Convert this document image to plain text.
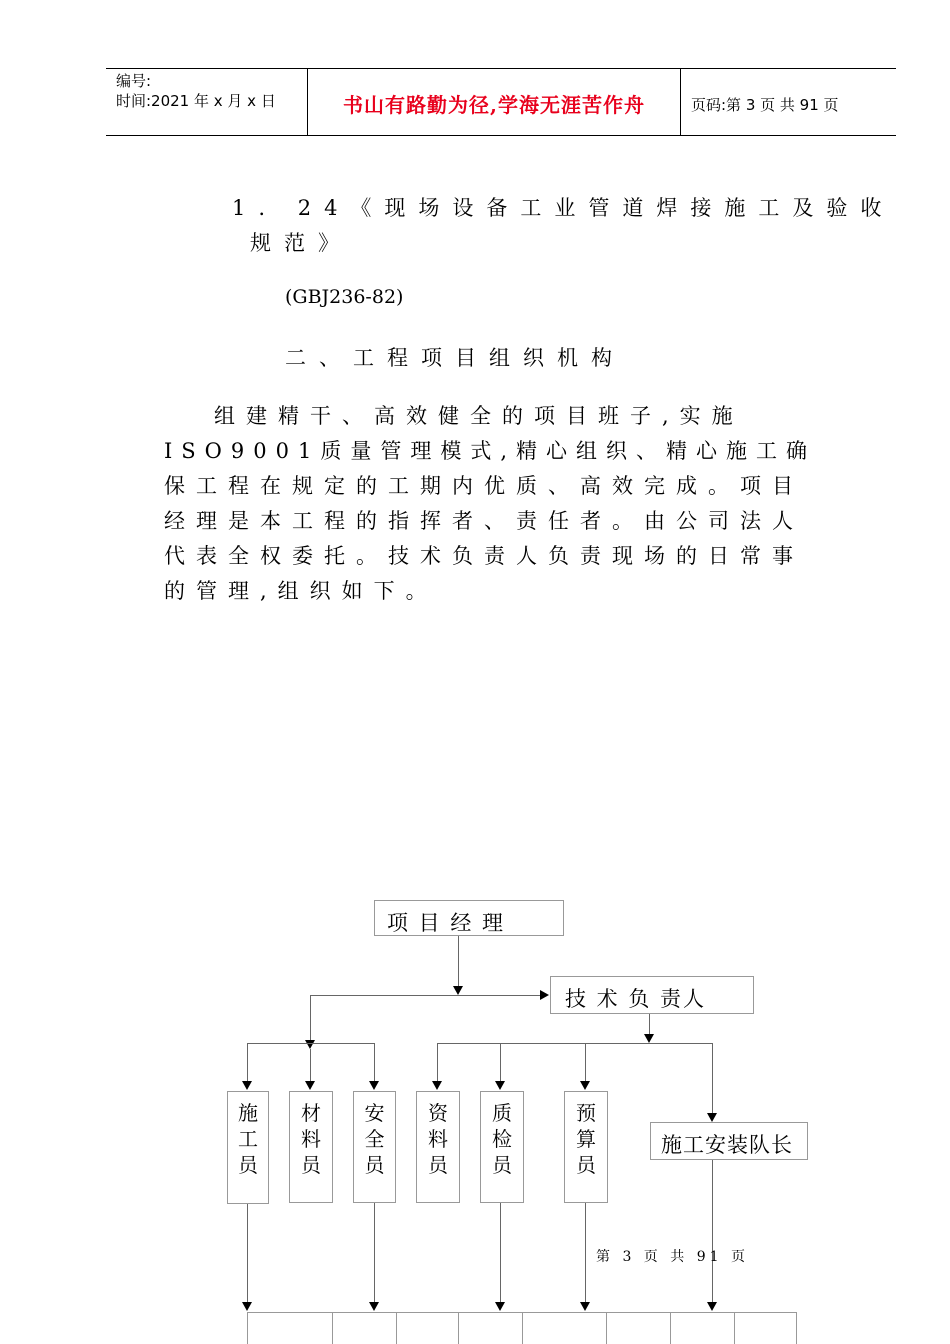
编号:
时间:2021 年 x 月 x 日	书山有路勤为径,学海无涯苦作舟	页码:第 3 页 共 91 页
1. 24《现场设备工业管道焊接施工及验收
规范》
(GBJ236-82)
二、工程项目组织机构
组建精干、高效健全的项目班子,实施
ISO9001质量管理模式,精心组织、精心施工确
保工程在规定的工期内优质、高效完成。项目
经理是本工程的指挥者、责任者。由公司法人
代表全权委托。技术负责人负责现场的日常事
的管理,组织如下。
项 目 经 理
技 术 负 责人
施
工
员
材
料
员
安
全
员
资
料
员
质
检
员
预
算
员
施工安装队长
第 3 页 共 91 页
